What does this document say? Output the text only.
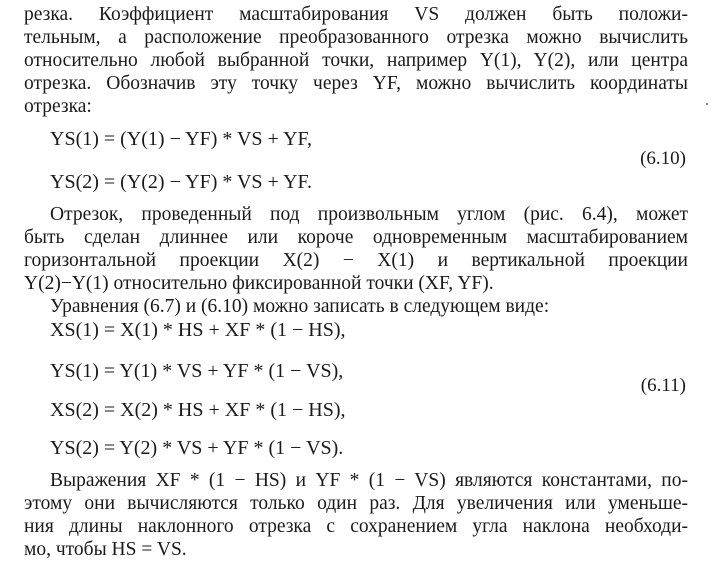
резка. Коэффициент масштабирования VS должен быть положи-
тельным, а расположение преобразованного отрезка можно вычислить
относительно любой выбранной точки, например Y(1), Y(2), или центра
отрезка. Обозначив эту точку через YF, можно вычислить координаты
отрезка:
YS(1) = (Y(1) − YF) * VS + YF,
(6.10)
YS(2) = (Y(2) − YF) * VS + YF.
Отрезок, проведенный под произвольным углом (рис. 6.4), может
быть сделан длиннее или короче одновременным масштабированием
горизонтальной проекции X(2) − X(1) и вертикальной проекции
Y(2)−Y(1) относительно фиксированной точки (XF, YF).
Уравнения (6.7) и (6.10) можно записать в следующем виде:
XS(1) = X(1) * HS + XF * (1 − HS),
YS(1) = Y(1) * VS + YF * (1 − VS),
(6.11)
XS(2) = X(2) * HS + XF * (1 − HS),
YS(2) = Y(2) * VS + YF * (1 − VS).
Выражения XF * (1 − HS) и YF * (1 − VS) являются константами, по-
этому они вычисляются только один раз. Для увеличения или уменьше-
ния длины наклонного отрезка с сохранением угла наклона необходи-
мо, чтобы HS = VS.
